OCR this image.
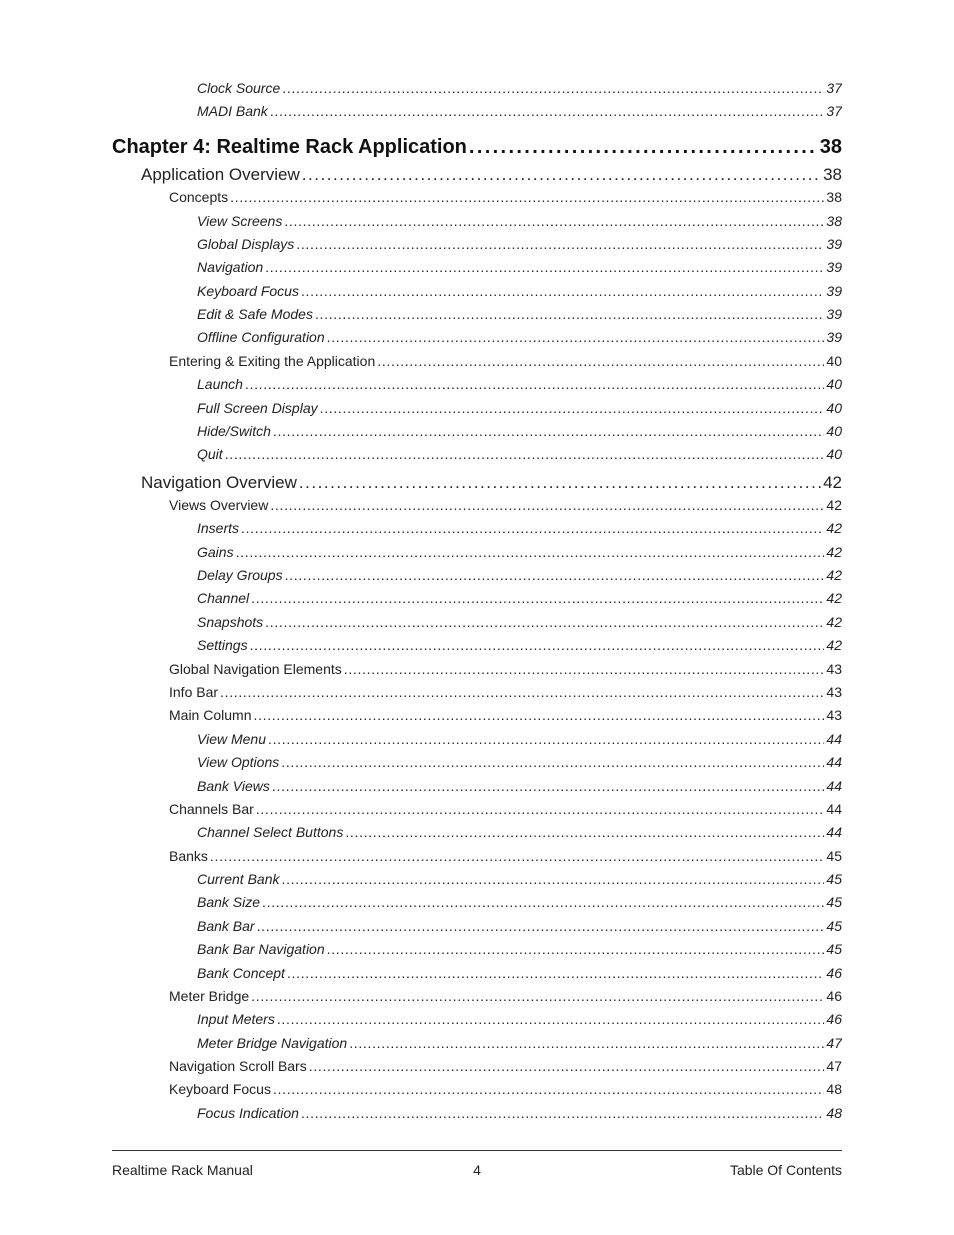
Clock Source . . .	37
MADI Bank . . .	37
Chapter 4: Realtime Rack Application . . .	38
Application Overview . . .	38
Concepts . . .	38
View Screens . . .	38
Global Displays . . .	39
Navigation . . .	39
Keyboard Focus . . .	39
Edit & Safe Modes . . .	39
Offline Configuration . . .	39
Entering & Exiting the Application . . .	40
Launch . . .	40
Full Screen Display . . .	40
Hide/Switch . . .	40
Quit . . .	40
Navigation Overview . . .	42
Views Overview . . .	42
Inserts . . .	42
Gains . . .	42
Delay Groups . . .	42
Channel . . .	42
Snapshots . . .	42
Settings . . .	42
Global Navigation Elements . . .	43
Info Bar . . .	43
Main Column . . .	43
View Menu . . .	44
View Options . . .	44
Bank Views . . .	44
Channels Bar . . .	44
Channel Select Buttons . . .	44
Banks . . .	45
Current Bank . . .	45
Bank Size . . .	45
Bank Bar . . .	45
Bank Bar Navigation . . .	45
Bank Concept . . .	46
Meter Bridge . . .	46
Input Meters . . .	46
Meter Bridge Navigation . . .	47
Navigation Scroll Bars . . .	47
Keyboard Focus . . .	48
Focus Indication . . .	48
Realtime Rack Manual	4	Table Of Contents
